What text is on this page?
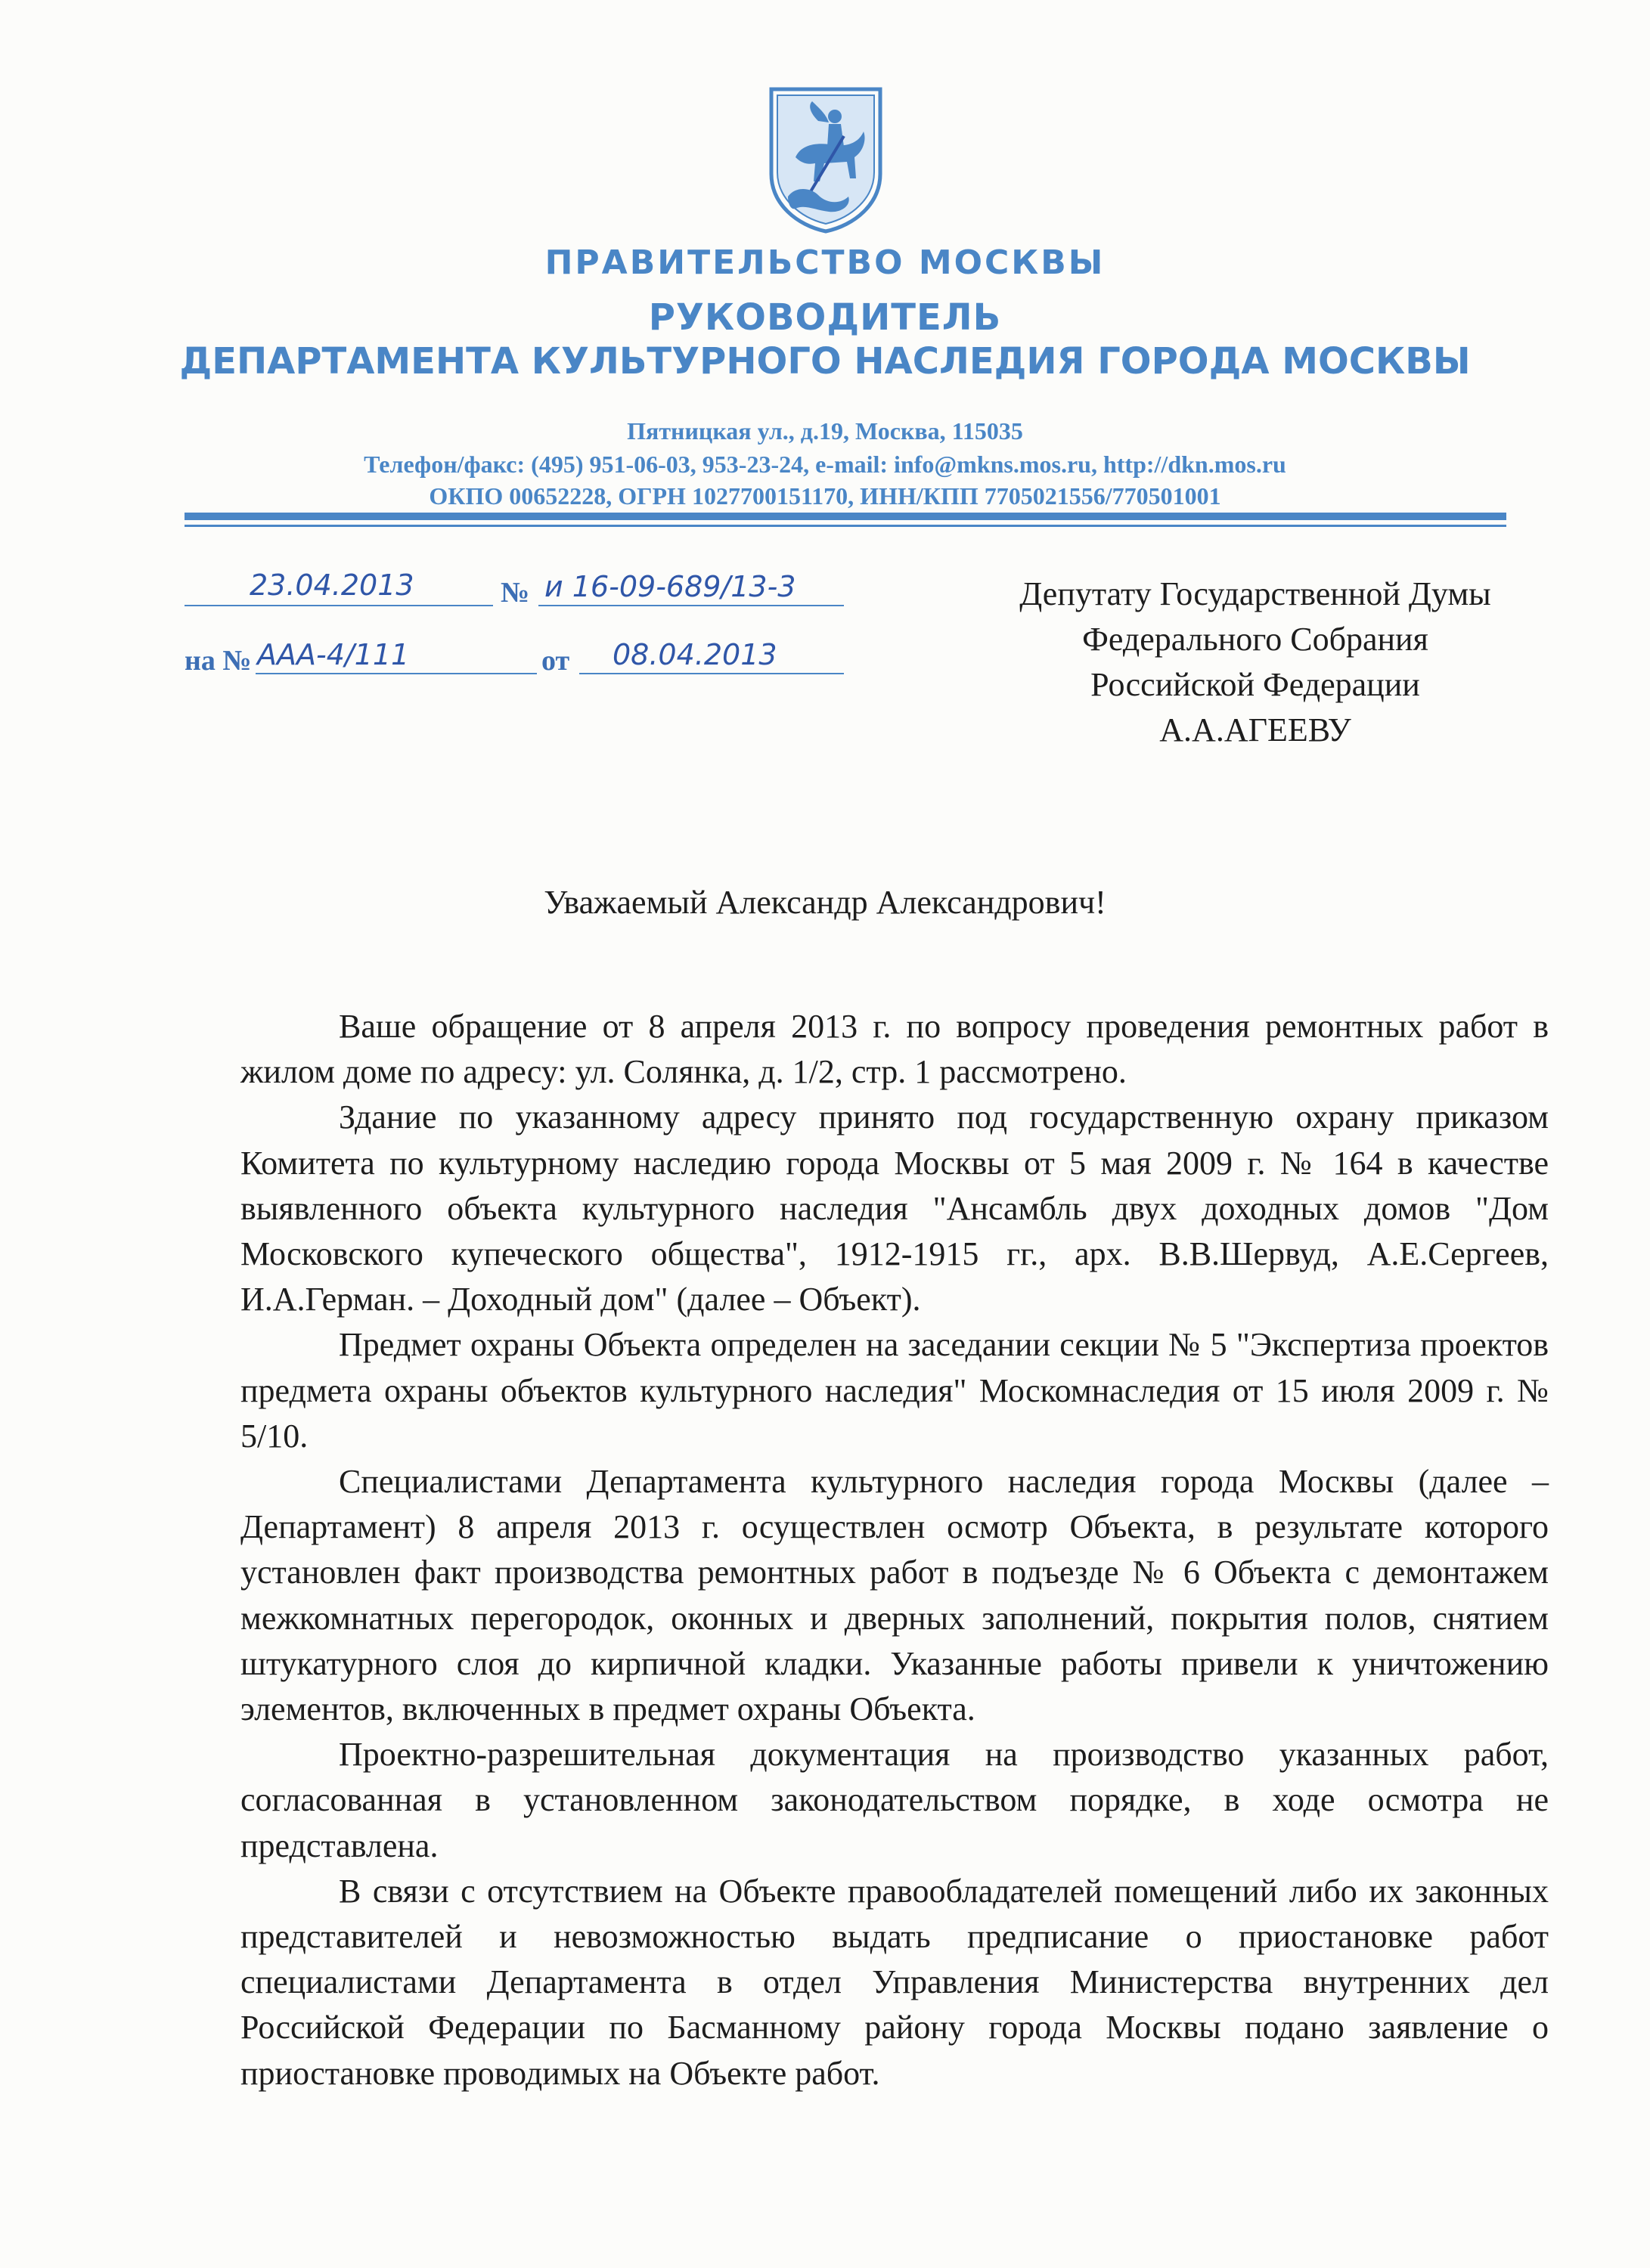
ПРАВИТЕЛЬСТВО МОСКВЫ
РУКОВОДИТЕЛЬ
ДЕПАРТАМЕНТА КУЛЬТУРНОГО НАСЛЕДИЯ ГОРОДА МОСКВЫ
Пятницкая ул., д.19, Москва, 115035
Телефон/факс: (495) 951-06-03, 953-23-24, e-mail: info@mkns.mos.ru, http://dkn.mos.ru
ОКПО 00652228, ОГРН 1027700151170, ИНН/КПП 7705021556/770501001
23.04.2013	№ и 16-09-689/13-3
на № ААА-4/111	от 08.04.2013
Депутату Государственной Думы
Федерального Собрания
Российской Федерации
А.А.АГЕЕВУ
Уважаемый Александр Александрович!

Ваше обращение от 8 апреля 2013 г. по вопросу проведения ремонтных работ в жилом доме по адресу: ул. Солянка, д. 1/2, стр. 1 рассмотрено.

Здание по указанному адресу принято под государственную охрану приказом Комитета по культурному наследию города Москвы от 5 мая 2009 г. № 164 в качестве выявленного объекта культурного наследия "Ансамбль двух доходных домов "Дом Московского купеческого общества", 1912-1915 гг., арх. В.В.Шервуд, А.Е.Сергеев, И.А.Герман. – Доходный дом" (далее – Объект).

Предмет охраны Объекта определен на заседании секции № 5 "Экспертиза проектов предмета охраны объектов культурного наследия" Москомнаследия от 15 июля 2009 г. № 5/10.

Специалистами Департамента культурного наследия города Москвы (далее – Департамент) 8 апреля 2013 г. осуществлен осмотр Объекта, в результате которого установлен факт производства ремонтных работ в подъезде № 6 Объекта с демонтажем межкомнатных перегородок, оконных и дверных заполнений, покрытия полов, снятием штукатурного слоя до кирпичной кладки. Указанные работы привели к уничтожению элементов, включенных в предмет охраны Объекта.

Проектно-разрешительная документация на производство указанных работ, согласованная в установленном законодательством порядке, в ходе осмотра не представлена.

В связи с отсутствием на Объекте правообладателей помещений либо их законных представителей и невозможностью выдать предписание о приостановке работ специалистами Департамента в отдел Управления Министерства внутренних дел Российской Федерации по Басманному району города Москвы подано заявление о приостановке проводимых на Объекте работ.
